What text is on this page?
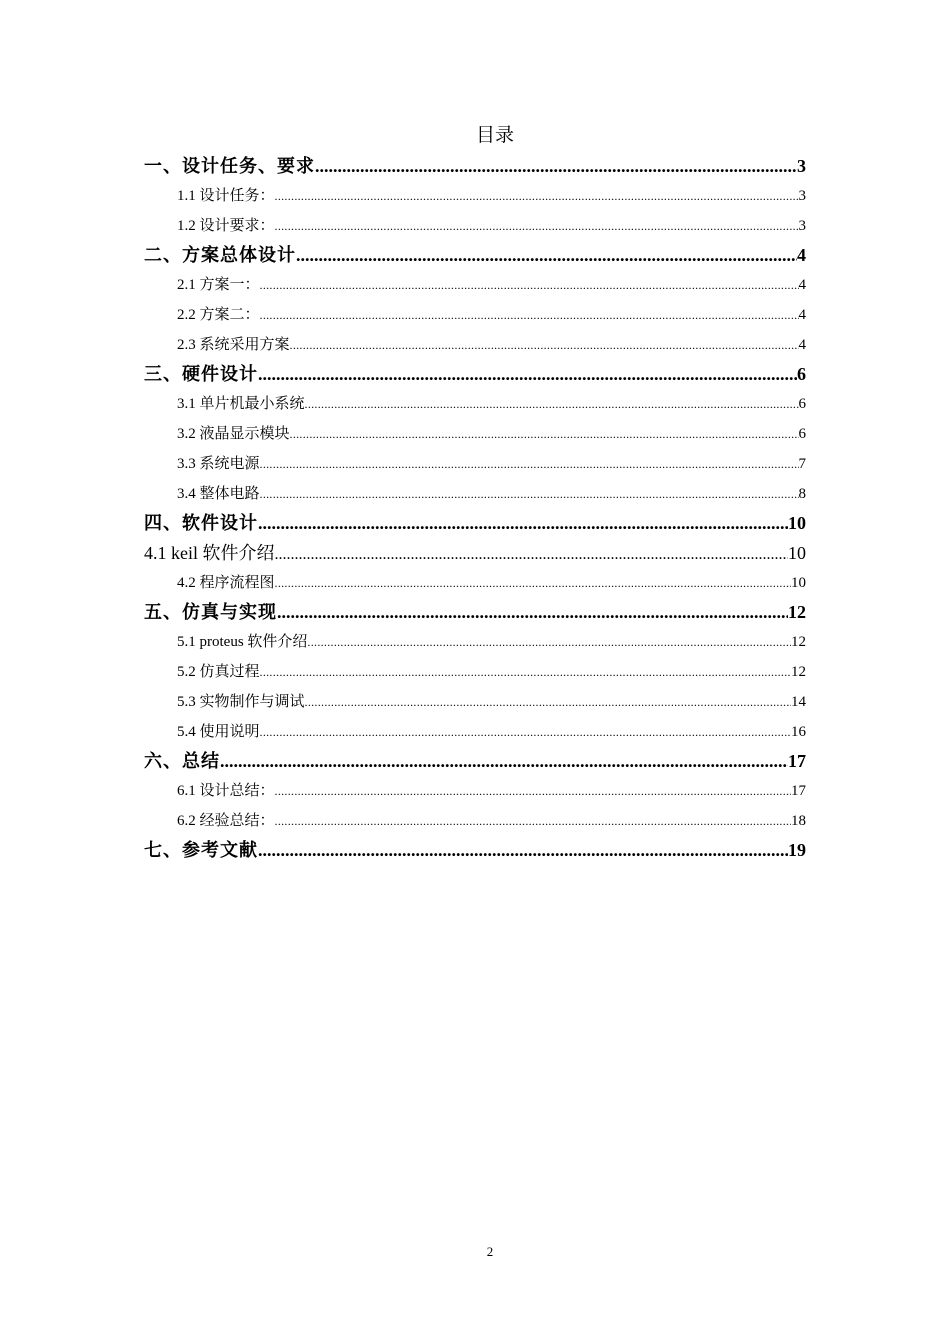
目录
一、设计任务、要求 .....	3
1.1 设计任务： .....	3
1.2 设计要求： .....	3
二、方案总体设计 .....	4
2.1 方案一： .....	4
2.2 方案二： .....	4
2.3 系统采用方案 .....	4
三、硬件设计 .....	6
3.1 单片机最小系统 .....	6
3.2 液晶显示模块 .....	6
3.3 系统电源 .....	7
3.4 整体电路 .....	8
四、软件设计 .....	10
4.1 keil 软件介绍 .....	10
4.2 程序流程图 .....	10
五、仿真与实现 .....	12
5.1 proteus 软件介绍 .....	12
5.2 仿真过程 .....	12
5.3 实物制作与调试 .....	14
5.4 使用说明 .....	16
六、总结 .....	17
6.1 设计总结： .....	17
6.2 经验总结： .....	18
七、参考文献 .....	19
2
